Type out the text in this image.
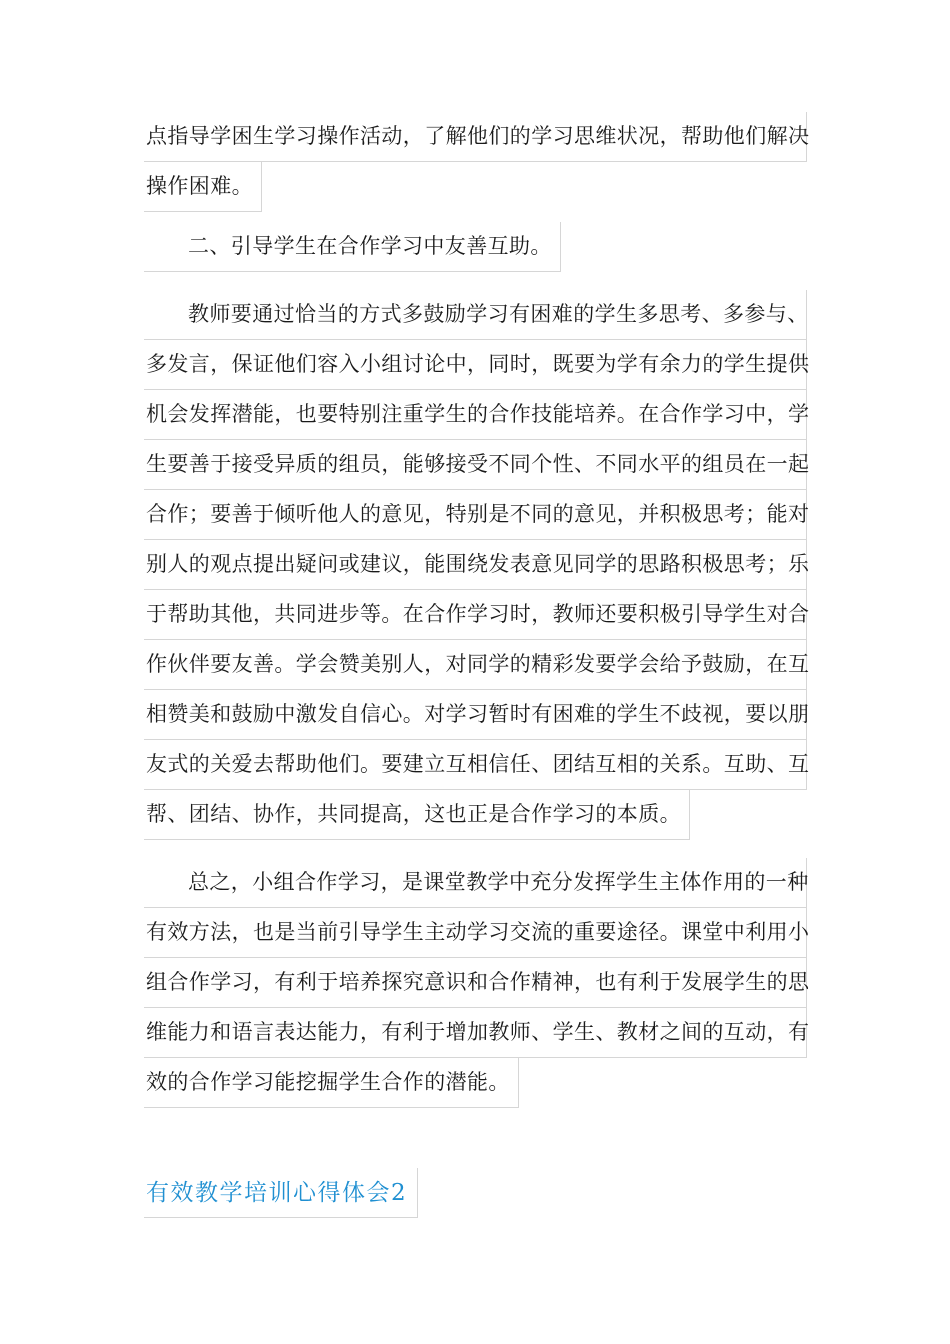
点指导学困生学习操作活动，了解他们的学习思维状况，帮助他们解决
操作困难。
二、引导学生在合作学习中友善互助。
教师要通过恰当的方式多鼓励学习有困难的学生多思考、多参与、
多发言，保证他们容入小组讨论中，同时，既要为学有余力的学生提供
机会发挥潜能，也要特别注重学生的合作技能培养。在合作学习中，学
生要善于接受异质的组员，能够接受不同个性、不同水平的组员在一起
合作；要善于倾听他人的意见，特别是不同的意见，并积极思考；能对
别人的观点提出疑问或建议，能围绕发表意见同学的思路积极思考；乐
于帮助其他，共同进步等。在合作学习时，教师还要积极引导学生对合
作伙伴要友善。学会赞美别人，对同学的精彩发要学会给予鼓励，在互
相赞美和鼓励中激发自信心。对学习暂时有困难的学生不歧视，要以朋
友式的关爱去帮助他们。要建立互相信任、团结互相的关系。互助、互
帮、团结、协作，共同提高，这也正是合作学习的本质。
总之，小组合作学习，是课堂教学中充分发挥学生主体作用的一种
有效方法，也是当前引导学生主动学习交流的重要途径。课堂中利用小
组合作学习，有利于培养探究意识和合作精神，也有利于发展学生的思
维能力和语言表达能力，有利于增加教师、学生、教材之间的互动，有
效的合作学习能挖掘学生合作的潜能。
有效教学培训心得体会2
